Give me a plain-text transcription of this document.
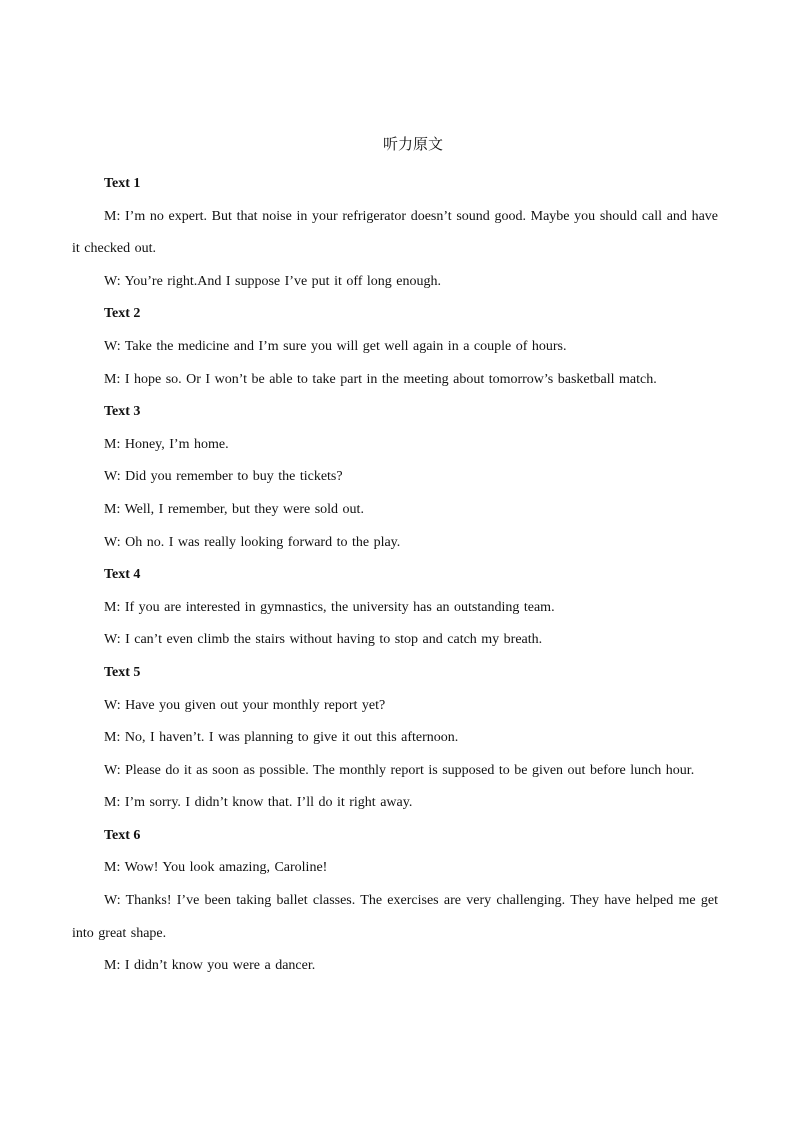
听力原文
Text 1
M: I’m no expert. But that noise in your refrigerator doesn’t sound good. Maybe you should call and have it checked out.
W: You’re right.And I suppose I’ve put it off long enough.
Text 2
W: Take the medicine and I’m sure you will get well again in a couple of hours.
M: I hope so. Or I won’t be able to take part in the meeting about tomorrow’s basketball match.
Text 3
M: Honey, I’m home.
W: Did you remember to buy the tickets?
M: Well, I remember, but they were sold out.
W: Oh no. I was really looking forward to the play.
Text 4
M: If you are interested in gymnastics, the university has an outstanding team.
W: I can’t even climb the stairs without having to stop and catch my breath.
Text 5
W: Have you given out your monthly report yet?
M: No, I haven’t. I was planning to give it out this afternoon.
W: Please do it as soon as possible. The monthly report is supposed to be given out before lunch hour.
M: I’m sorry. I didn’t know that. I’ll do it right away.
Text 6
M: Wow! You look amazing, Caroline!
W: Thanks! I’ve been taking ballet classes. The exercises are very challenging. They have helped me get into great shape.
M: I didn’t know you were a dancer.
